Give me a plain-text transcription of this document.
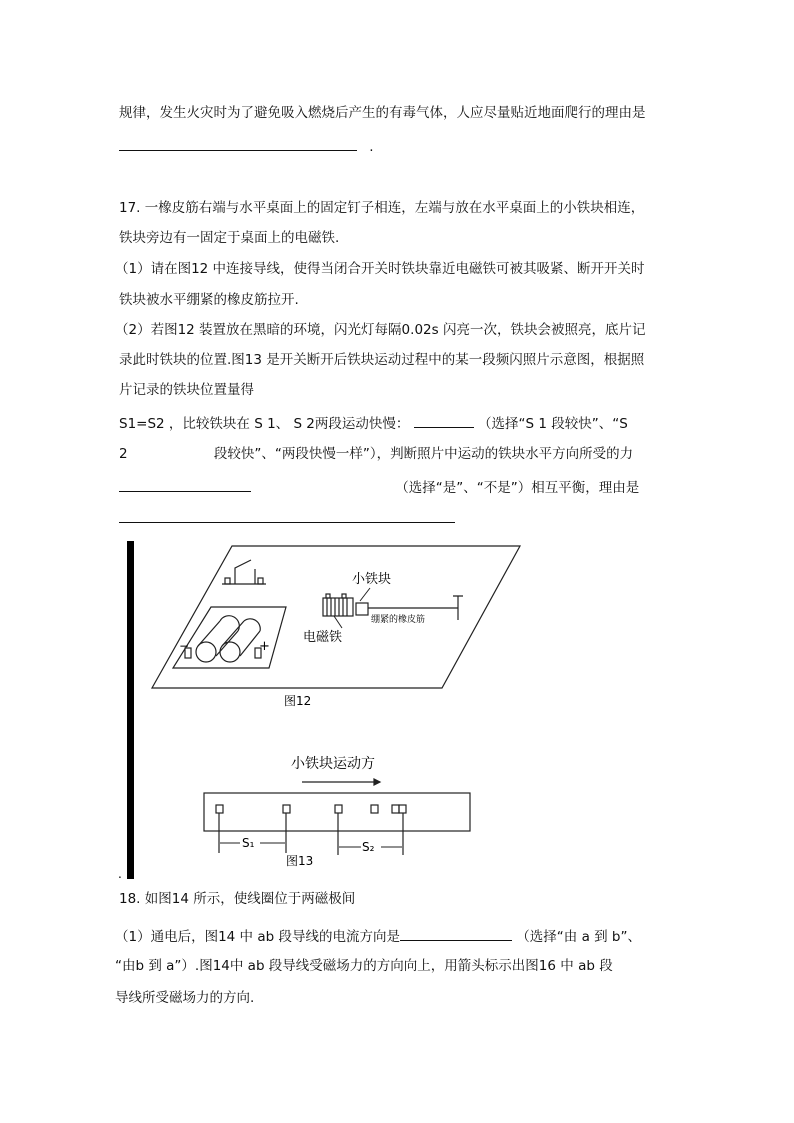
规律，发生火灾时为了避免吸入燃烧后产生的有毒气体，人应尽量贴近地面爬行的理由是
.
17. 一橡皮筋右端与水平桌面上的固定钉子相连，左端与放在水平桌面上的小铁块相连，
铁块旁边有一固定于桌面上的电磁铁.
（1）请在图12 中连接导线，使得当闭合开关时铁块靠近电磁铁可被其吸紧、断开开关时
铁块被水平绷紧的橡皮筋拉开.
（2）若图12 装置放在黑暗的环境，闪光灯每隔0.02s 闪亮一次，铁块会被照亮，底片记
录此时铁块的位置.图13 是开关断开后铁块运动过程中的某一段频闪照片示意图，根据照
片记录的铁块位置量得
S1=S2 ，比较铁块在 S 1、 S 2两段运动快慢：	（选择“S 1 段较快”、“S
2	段较快”、“两段快慢一样”），判断照片中运动的铁块水平方向所受的力
（选择“是”、“不是”）相互平衡，理由是
小铁块
绷紧的橡皮筋
电磁铁
−	+
图12
小铁块运动方
S₁	S₂
图13
.
18. 如图14 所示，使线圈位于两磁极间
（1）通电后，图14 中 ab 段导线的电流方向是	（选择“由 a 到 b”、
“由b 到 a”）.图14中 ab 段导线受磁场力的方向向上，用箭头标示出图16 中 ab 段
导线所受磁场力的方向.
